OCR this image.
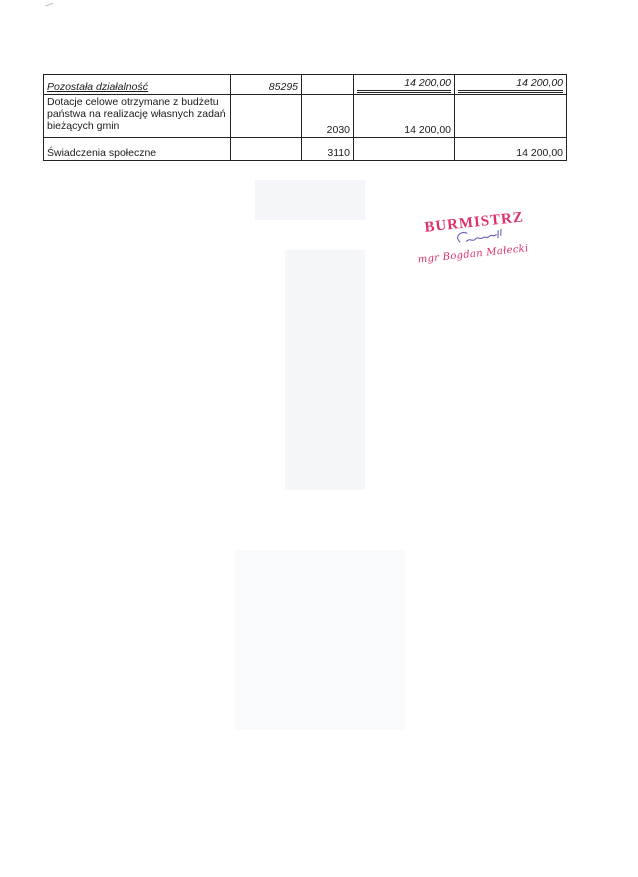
Pozostała działalność	85295		14 200,00	14 200,00

Dotacje celowe otrzymane z budżetu państwa na realizację własnych zadań bieżących gmin		2030	14 200,00	
Świadczenia społeczne		3110		14 200,00
BURMISTRZ
mgr Bogdan Małecki
